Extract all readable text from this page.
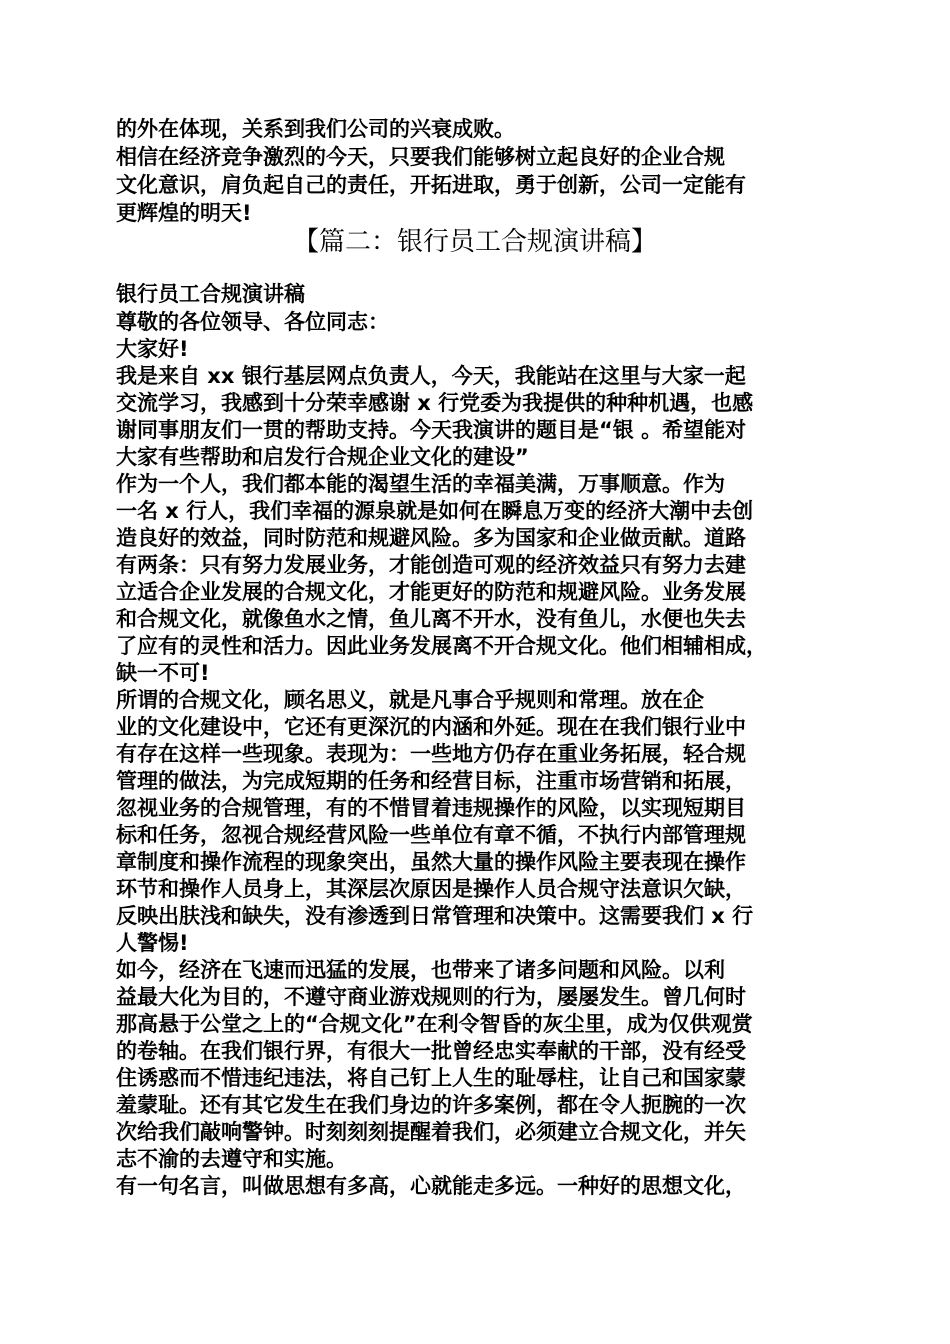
的外在体现，关系到我们公司的兴衰成败。
相信在经济竞争激烈的今天，只要我们能够树立起良好的企业合规
文化意识，肩负起自己的责任，开拓进取，勇于创新，公司一定能有
更辉煌的明天!
【篇二：银行员工合规演讲稿】
银行员工合规演讲稿
尊敬的各位领导、各位同志：
大家好!
我是来自 xx 银行基层网点负责人，今天，我能站在这里与大家一起
交流学习，我感到十分荣幸感谢 x 行党委为我提供的种种机遇，也感
谢同事朋友们一贯的帮助支持。今天我演讲的题目是“银 。希望能对
大家有些帮助和启发行合规企业文化的建设”
作为一个人，我们都本能的渴望生活的幸福美满，万事顺意。作为
一名 x 行人，我们幸福的源泉就是如何在瞬息万变的经济大潮中去创
造良好的效益，同时防范和规避风险。多为国家和企业做贡献。道路
有两条：只有努力发展业务，才能创造可观的经济效益只有努力去建
立适合企业发展的合规文化，才能更好的防范和规避风险。业务发展
和合规文化，就像鱼水之情，鱼儿离不开水，没有鱼儿，水便也失去
了应有的灵性和活力。因此业务发展离不开合规文化。他们相辅相成，
缺一不可!
所谓的合规文化，顾名思义，就是凡事合乎规则和常理。放在企
业的文化建设中，它还有更深沉的内涵和外延。现在在我们银行业中
有存在这样一些现象。表现为：一些地方仍存在重业务拓展，轻合规
管理的做法，为完成短期的任务和经营目标，注重市场营销和拓展，
忽视业务的合规管理，有的不惜冒着违规操作的风险，以实现短期目
标和任务，忽视合规经营风险一些单位有章不循，不执行内部管理规
章制度和操作流程的现象突出，虽然大量的操作风险主要表现在操作
环节和操作人员身上，其深层次原因是操作人员合规守法意识欠缺，
反映出肤浅和缺失，没有渗透到日常管理和决策中。这需要我们 x 行
人警惕!
如今，经济在飞速而迅猛的发展，也带来了诸多问题和风险。以利
益最大化为目的，不遵守商业游戏规则的行为，屡屡发生。曾几何时
那高悬于公堂之上的“合规文化”在利令智昏的灰尘里，成为仅供观赏
的卷轴。在我们银行界，有很大一批曾经忠实奉献的干部，没有经受
住诱惑而不惜违纪违法，将自己钉上人生的耻辱柱，让自己和国家蒙
羞蒙耻。还有其它发生在我们身边的许多案例，都在令人扼腕的一次
次给我们敲响警钟。时刻刻刻提醒着我们，必须建立合规文化，并矢
志不渝的去遵守和实施。
有一句名言，叫做思想有多高，心就能走多远。一种好的思想文化，
